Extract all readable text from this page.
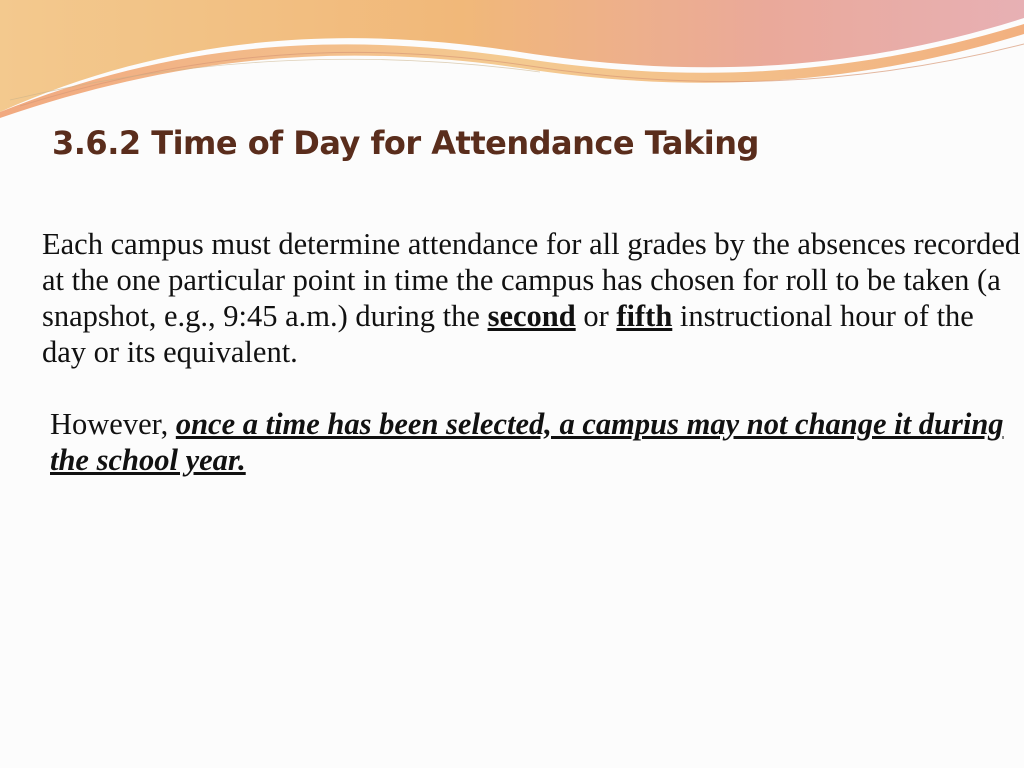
3.6.2 Time of Day for Attendance Taking

Each campus must determine attendance for all grades by the absences recorded at the one particular point in time the campus has chosen for roll to be taken (a snapshot, e.g., 9:45 a.m.) during the second or fifth instructional hour of the day or its equivalent.

However, once a time has been selected, a campus may not change it during the school year.
